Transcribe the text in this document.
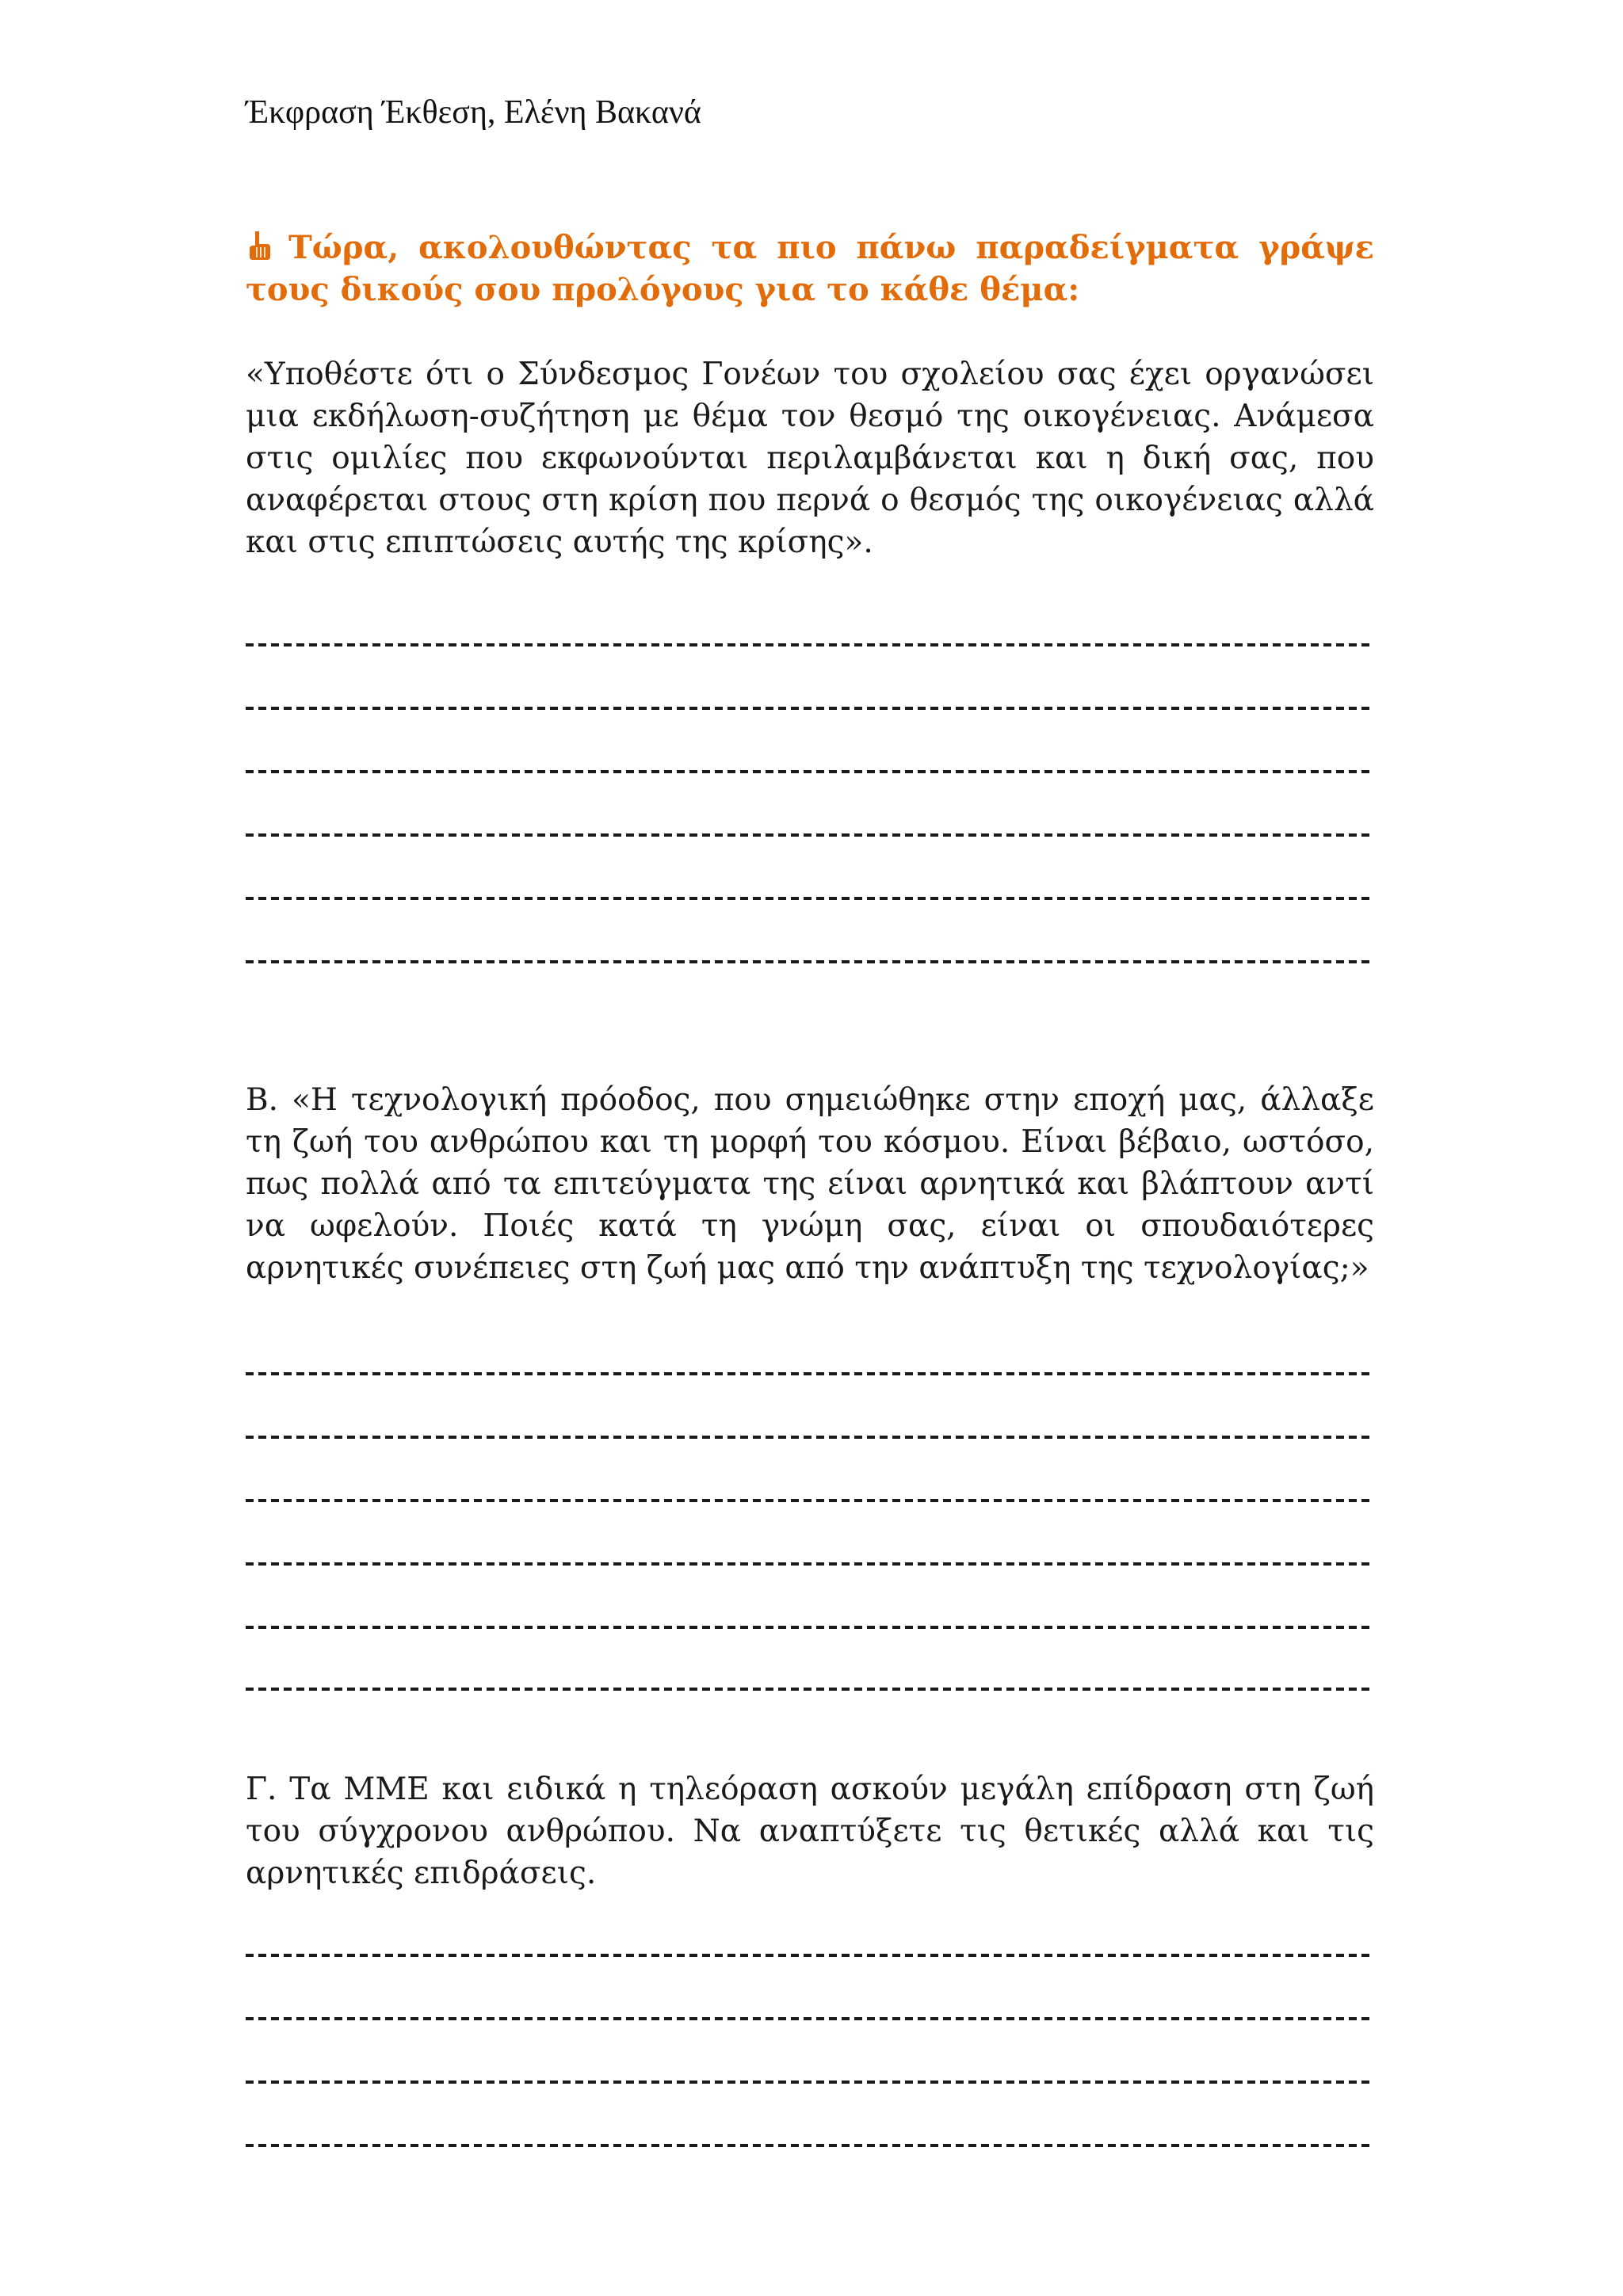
Έκφραση Έκθεση, Ελένη Βακανά
Τώρα, ακολουθώντας τα πιο πάνω παραδείγματα γράψε τους δικούς σου προλόγους για το κάθε θέμα:
«Υποθέστε ότι ο Σύνδεσμος Γονέων του σχολείου σας έχει οργανώσει μια εκδήλωση-συζήτηση με θέμα τον θεσμό της οικογένειας. Ανάμεσα στις ομιλίες που εκφωνούνται περιλαμβάνεται και η δική σας, που αναφέρεται στους στη κρίση που περνά ο θεσμός της οικογένειας αλλά και στις επιπτώσεις αυτής της κρίσης».
Β. «Η τεχνολογική πρόοδος, που σημειώθηκε στην εποχή μας, άλλαξε τη ζωή του ανθρώπου και τη μορφή του κόσμου. Είναι βέβαιο, ωστόσο, πως πολλά από τα επιτεύγματα της είναι αρνητικά και βλάπτουν αντί να ωφελούν. Ποιές κατά τη γνώμη σας, είναι οι σπουδαιότερες αρνητικές συνέπειες στη ζωή μας από την ανάπτυξη της τεχνολογίας;»
Γ. Τα ΜΜΕ και ειδικά η τηλεόραση ασκούν μεγάλη επίδραση στη ζωή του σύγχρονου ανθρώπου. Να αναπτύξετε τις θετικές αλλά και τις αρνητικές επιδράσεις.
